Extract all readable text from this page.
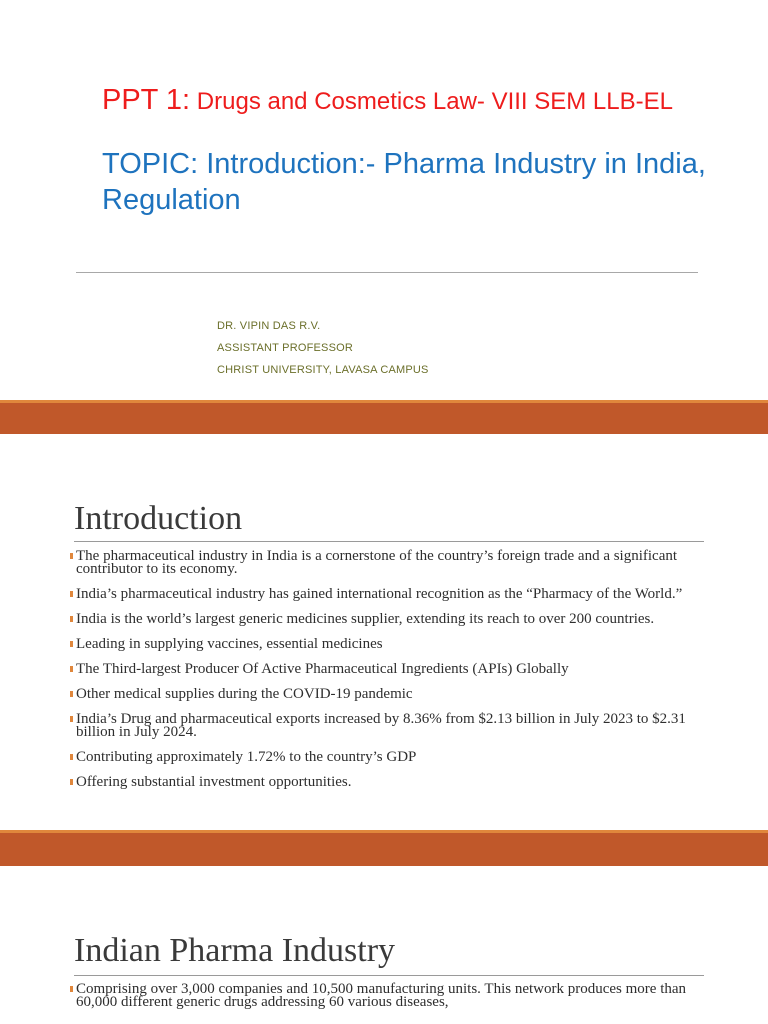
PPT 1: Drugs and Cosmetics Law- VIII SEM LLB-EL
TOPIC: Introduction:- Pharma Industry in India, Regulation
DR. VIPIN DAS R.V.
ASSISTANT PROFESSOR
CHRIST UNIVERSITY, LAVASA CAMPUS
Introduction
The pharmaceutical industry in India is a cornerstone of the country’s foreign trade and a significant contributor to its economy.
India’s pharmaceutical industry has gained international recognition as the “Pharmacy of the World.”
India is the world’s largest generic medicines supplier, extending its reach to over 200 countries.
Leading in supplying vaccines, essential medicines
The Third-largest Producer Of Active Pharmaceutical Ingredients (APIs) Globally
Other medical supplies during the COVID-19 pandemic
India’s Drug and pharmaceutical exports increased by 8.36% from $2.13 billion in July 2023 to $2.31 billion in July 2024.
Contributing approximately 1.72% to the country’s GDP
Offering substantial investment opportunities.
Indian Pharma Industry
Comprising over 3,000 companies and 10,500 manufacturing units. This network produces more than 60,000 different generic drugs addressing 60 various diseases,
